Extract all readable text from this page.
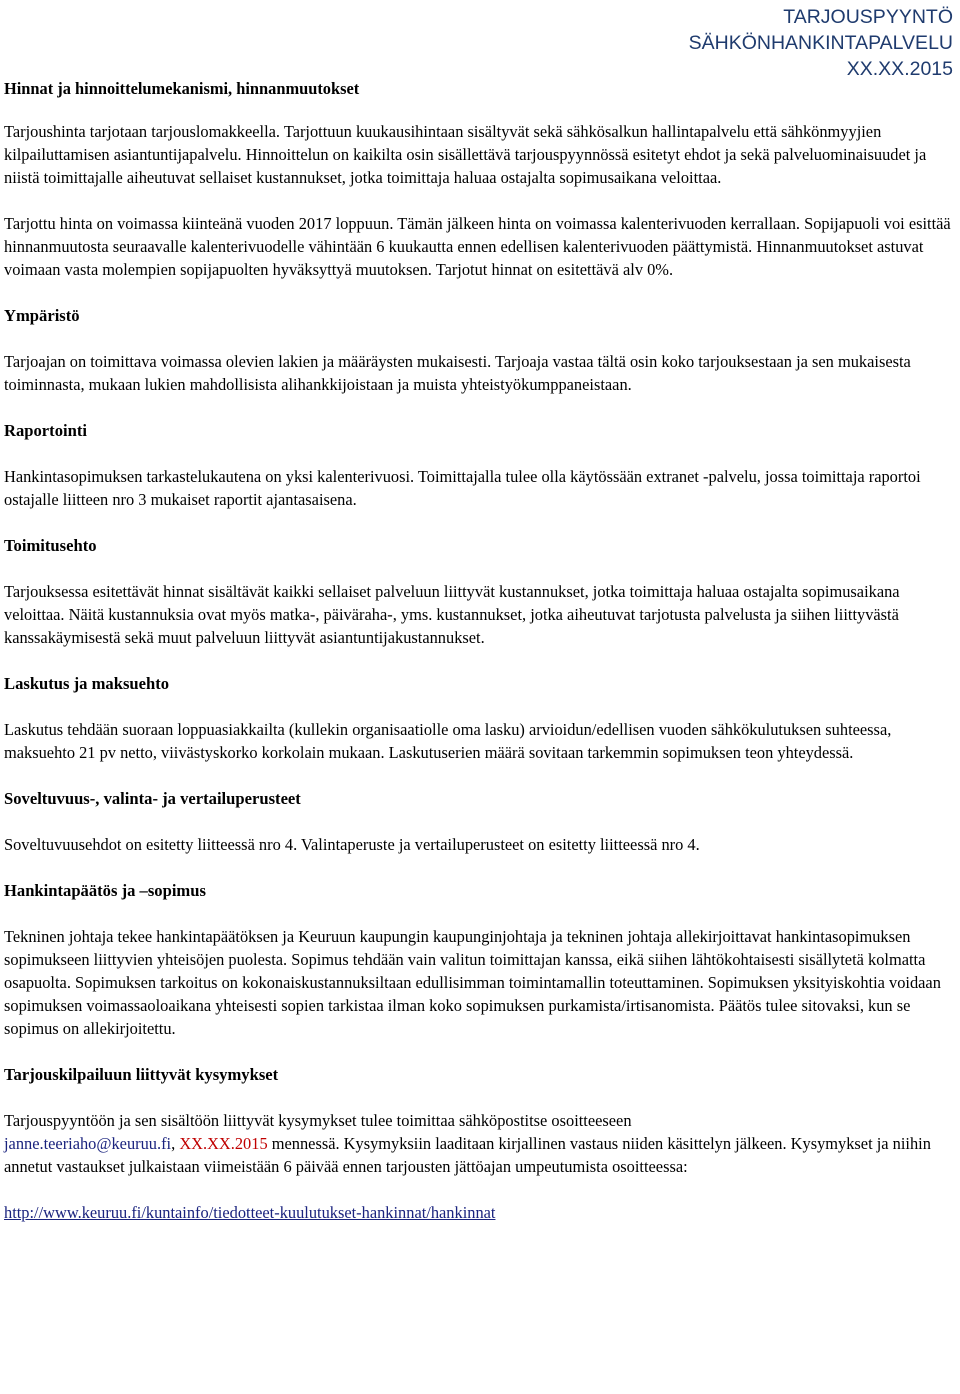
TARJOUSPYYNTÖ
SÄHKÖNHANKINTAPALVELU
XX.XX.2015
Hinnat ja hinnoittelumekanismi, hinnanmuutokset

Tarjoushinta tarjotaan tarjouslomakkeella. Tarjottuun kuukausihintaan sisältyvät sekä sähkösalkun hallintapalvelu että sähkönmyyjien kilpailuttamisen asiantuntijapalvelu. Hinnoittelun on kaikilta osin sisällettävä tarjouspyynnössä esitetyt ehdot ja sekä palveluominaisuudet ja niistä toimittajalle aiheutuvat sellaiset kustannukset, jotka toimittaja haluaa ostajalta sopimusaikana veloittaa.

Tarjottu hinta on voimassa kiinteänä vuoden 2017 loppuun. Tämän jälkeen hinta on voimassa kalenterivuoden kerrallaan. Sopijapuoli voi esittää hinnanmuutosta seuraavalle kalenterivuodelle vähintään 6 kuukautta ennen edellisen kalenterivuoden päättymistä. Hinnanmuutokset astuvat voimaan vasta molempien sopijapuolten hyväksyttyä muutoksen. Tarjotut hinnat on esitettävä alv 0%.

Ympäristö

Tarjoajan on toimittava voimassa olevien lakien ja määräysten mukaisesti. Tarjoaja vastaa tältä osin koko tarjouksestaan ja sen mukaisesta toiminnasta, mukaan lukien mahdollisista alihankkijoistaan ja muista yhteistyökumppaneistaan.

Raportointi

Hankintasopimuksen tarkastelukautena on yksi kalenterivuosi. Toimittajalla tulee olla käytössään extranet -palvelu, jossa toimittaja raportoi ostajalle liitteen nro 3 mukaiset raportit ajantasaisena.

Toimitusehto

Tarjouksessa esitettävät hinnat sisältävät kaikki sellaiset palveluun liittyvät kustannukset, jotka toimittaja haluaa ostajalta sopimusaikana veloittaa. Näitä kustannuksia ovat myös matka-, päiväraha-, yms. kustannukset, jotka aiheutuvat tarjotusta palvelusta ja siihen liittyvästä kanssakäymisestä sekä muut palveluun liittyvät asiantuntijakustannukset.

Laskutus ja maksuehto

Laskutus tehdään suoraan loppuasiakkailta (kullekin organisaatiolle oma lasku) arvioidun/edellisen vuoden sähkökulutuksen suhteessa, maksuehto 21 pv netto, viivästyskorko korkolain mukaan. Laskutuserien määrä sovitaan tarkemmin sopimuksen teon yhteydessä.

Soveltuvuus-, valinta- ja vertailuperusteet

Soveltuvuusehdot on esitetty liitteessä nro 4. Valintaperuste ja vertailuperusteet on esitetty liitteessä nro 4.

Hankintapäätös ja –sopimus

Tekninen johtaja tekee hankintapäätöksen ja Keuruun kaupungin kaupunginjohtaja ja tekninen johtaja allekirjoittavat hankintasopimuksen sopimukseen liittyvien yhteisöjen puolesta. Sopimus tehdään vain valitun toimittajan kanssa, eikä siihen lähtökohtaisesti sisällytetä kolmatta osapuolta. Sopimuksen tarkoitus on kokonaiskustannuksiltaan edullisimman toimintamallin toteuttaminen. Sopimuksen yksityiskohtia voidaan sopimuksen voimassaoloaikana yhteisesti sopien tarkistaa ilman koko sopimuksen purkamista/irtisanomista. Päätös tulee sitovaksi, kun se sopimus on allekirjoitettu.

Tarjouskilpailuun liittyvät kysymykset

Tarjouspyyntöön ja sen sisältöön liittyvät kysymykset tulee toimittaa sähköpostitse osoitteeseen
janne.teeriaho@keuruu.fi, XX.XX.2015 mennessä. Kysymyksiin laaditaan kirjallinen vastaus niiden käsittelyn jälkeen. Kysymykset ja niihin annetut vastaukset julkaistaan viimeistään 6 päivää ennen tarjousten jättöajan umpeutumista osoitteessa:

http://www.keuruu.fi/kuntainfo/tiedotteet-kuulutukset-hankinnat/hankinnat
